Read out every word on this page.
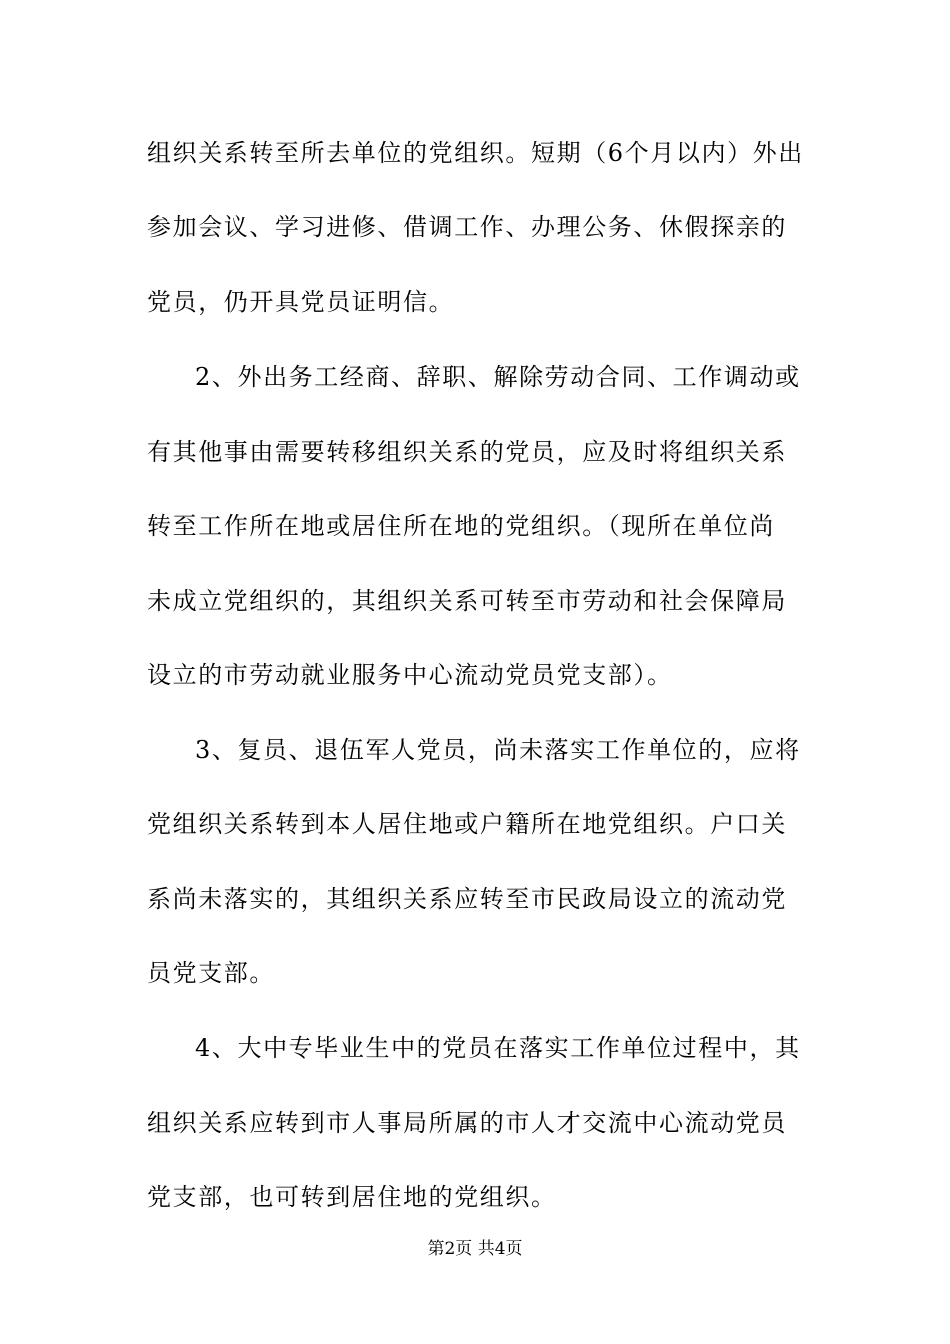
组织关系转至所去单位的党组织。短期（6个月以内）外出
参加会议、学习进修、借调工作、办理公务、休假探亲的
党员，仍开具党员证明信。
2、外出务工经商、辞职、解除劳动合同、工作调动或
有其他事由需要转移组织关系的党员，应及时将组织关系
转至工作所在地或居住所在地的党组织。（现所在单位尚
未成立党组织的，其组织关系可转至市劳动和社会保障局
设立的市劳动就业服务中心流动党员党支部）。
3、复员、退伍军人党员，尚未落实工作单位的，应将
党组织关系转到本人居住地或户籍所在地党组织。户口关
系尚未落实的，其组织关系应转至市民政局设立的流动党
员党支部。
4、大中专毕业生中的党员在落实工作单位过程中，其
组织关系应转到市人事局所属的市人才交流中心流动党员
党支部，也可转到居住地的党组织。
第2页 共4页
